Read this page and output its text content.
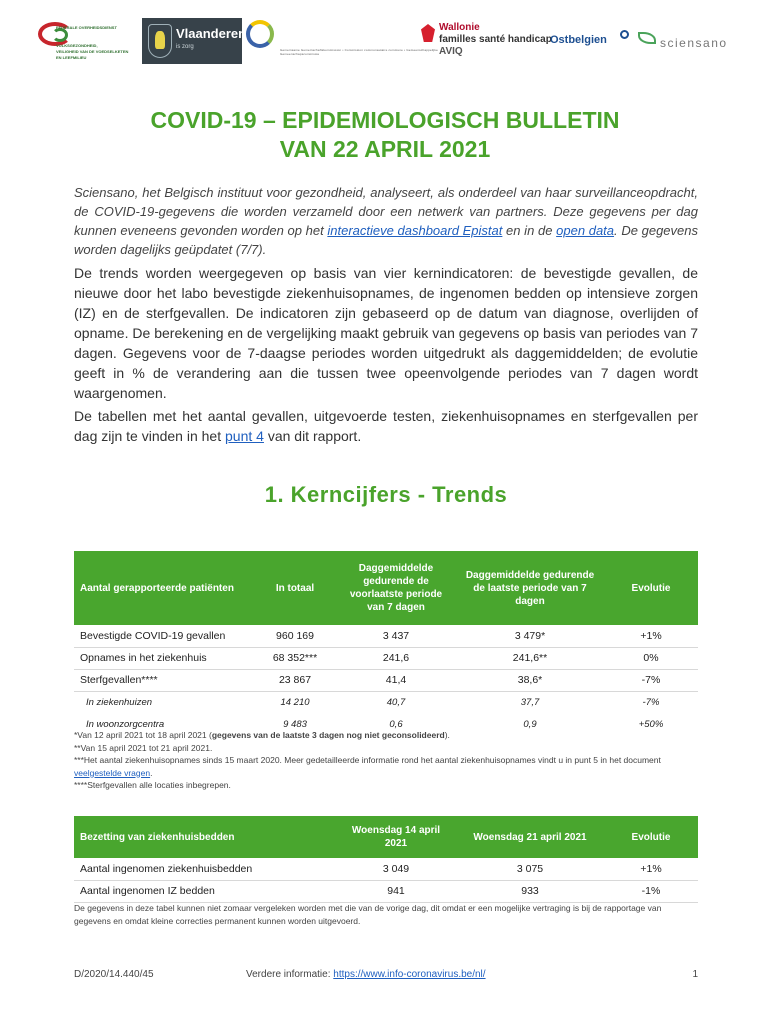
FEDERALE OVERHEIDSDIENST
VOLKSGEZONDHEID,
VEILIGHEID VAN DE VOEDSELKETEN
EN LEEFMILIEU
Vlaanderen
is zorg	Gemeinsame Gemeinschaftskommission • Commission communautaire commune • Gemeenschappelijke Gemeenschapscommissie
Wallonie
familles santé handicap
AVIQ
Ostbelgien	sciensano
COVID-19 – EPIDEMIOLOGISCH BULLETIN
VAN 22 APRIL 2021

Sciensano, het Belgisch instituut voor gezondheid, analyseert, als onderdeel van haar surveillanceopdracht, de COVID-19-gegevens die worden verzameld door een netwerk van partners. Deze gegevens per dag kunnen eveneens gevonden worden op het interactieve dashboard Epistat en in de open data. De gegevens worden dagelijks geüpdatet (7/7).

De trends worden weergegeven op basis van vier kernindicatoren: de bevestigde gevallen, de nieuwe door het labo bevestigde ziekenhuisopnames, de ingenomen bedden op intensieve zorgen (IZ) en de sterfgevallen. De indicatoren zijn gebaseerd op de datum van diagnose, overlijden of opname. De berekening en de vergelijking maakt gebruik van gegevens op basis van periodes van 7 dagen. Gegevens voor de 7-daagse periodes worden uitgedrukt als daggemiddelden; de evolutie geeft in % de verandering aan die tussen twee opeenvolgende periodes van 7 dagen wordt waargenomen.

De tabellen met het aantal gevallen, uitgevoerde testen, ziekenhuisopnames en sterfgevallen per dag zijn te vinden in het punt 4 van dit rapport.

1. Kerncijfers - Trends
Aantal gerapporteerde patiënten	In totaal	Daggemiddelde gedurende de voorlaatste periode van 7 dagen	Daggemiddelde gedurende de laatste periode van 7 dagen	Evolutie
Bevestigde COVID-19 gevallen	960 169	3 437	3 479*	+1%
Opnames in het ziekenhuis	68 352***	241,6	241,6**	0%
Sterfgevallen****	23 867	41,4	38,6*	-7%
In ziekenhuizen	14 210	40,7	37,7	-7%
In woonzorgcentra	9 483	0,6	0,9	+50%
*Van 12 april 2021 tot 18 april 2021 (gegevens van de laatste 3 dagen nog niet geconsolideerd).
**Van 15 april 2021 tot 21 april 2021.
***Het aantal ziekenhuisopnames sinds 15 maart 2020. Meer gedetailleerde informatie rond het aantal ziekenhuisopnames vindt u in punt 5 in het document veelgestelde vragen.
****Sterfgevallen alle locaties inbegrepen.
Bezetting van ziekenhuisbedden	Woensdag 14 april 2021	Woensdag 21 april 2021	Evolutie
Aantal ingenomen ziekenhuisbedden	3 049	3 075	+1%
Aantal ingenomen IZ bedden	941	933	-1%
De gegevens in deze tabel kunnen niet zomaar vergeleken worden met die van de vorige dag, dit omdat er een mogelijke vertraging is bij de rapportage van gegevens en omdat kleine correcties permanent kunnen worden uitgevoerd.
D/2020/14.440/45	Verdere informatie: https://www.info-coronavirus.be/nl/	1
